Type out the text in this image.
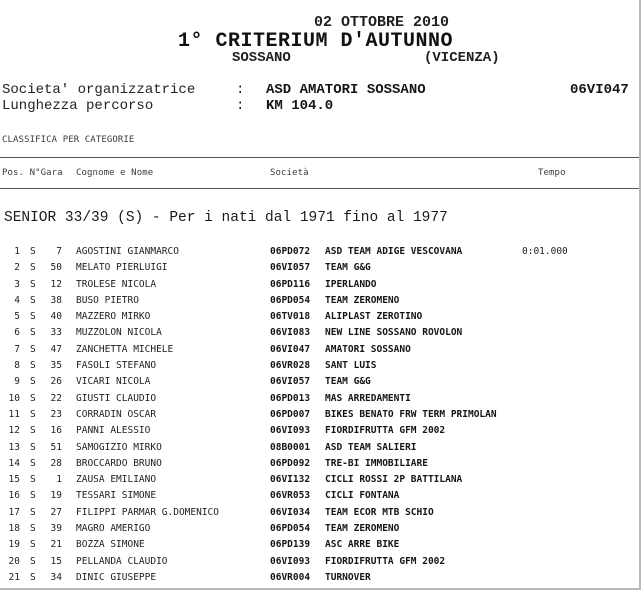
02 OTTOBRE 2010
1° CRITERIUM D'AUTUNNO
SOSSANO	(VICENZA)
Societa' organizzatrice	: ASD AMATORI SOSSANO	06VI047
Lunghezza percorso	: KM 104.0
CLASSIFICA PER CATEGORIE
Pos. N°Gara Cognome e Nome	Società	Tempo
SENIOR 33/39 (S) - Per i nati dal 1971 fino al 1977
1 S	7 AGOSTINI GIANMARCO	06PD072 ASD TEAM ADIGE VESCOVANA	0:01.000
2 S	50 MELATO PIERLUIGI	06VI057 TEAM G&G
3 S	12 TROLESE NICOLA	06PD116 IPERLANDO
4 S	38 BUSO PIETRO	06PD054 TEAM ZEROMENO
5 S	40 MAZZERO MIRKO	06TV018 ALIPLAST ZEROTINO
6 S	33 MUZZOLON NICOLA	06VI083 NEW LINE SOSSANO ROVOLON
7 S	47 ZANCHETTA MICHELE	06VI047 AMATORI SOSSANO
8 S	35 FASOLI STEFANO	06VR028 SANT LUIS
9 S	26 VICARI NICOLA	06VI057 TEAM G&G
10 S	22 GIUSTI CLAUDIO	06PD013 MAS ARREDAMENTI
11 S	23 CORRADIN OSCAR	06PD007 BIKES BENATO FRW TERM PRIMOLAN
12 S	16 PANNI ALESSIO	06VI093 FIORDIFRUTTA GFM 2002
13 S	51 SAMOGIZIO MIRKO	08B0001 ASD TEAM SALIERI
14 S	28 BROCCARDO BRUNO	06PD092 TRE-BI IMMOBILIARE
15 S	1 ZAUSA EMILIANO	06VI132 CICLI ROSSI 2P BATTILANA
16 S	19 TESSARI SIMONE	06VR053 CICLI FONTANA
17 S	27 FILIPPI PARMAR G.DOMENICO	06VI034 TEAM ECOR MTB SCHIO
18 S	39 MAGRO AMERIGO	06PD054 TEAM ZEROMENO
19 S	21 BOZZA SIMONE	06PD139 ASC ARRE BIKE
20 S	15 PELLANDA CLAUDIO	06VI093 FIORDIFRUTTA GFM 2002
21 S	34 DINIC GIUSEPPE	06VR004 TURNOVER
